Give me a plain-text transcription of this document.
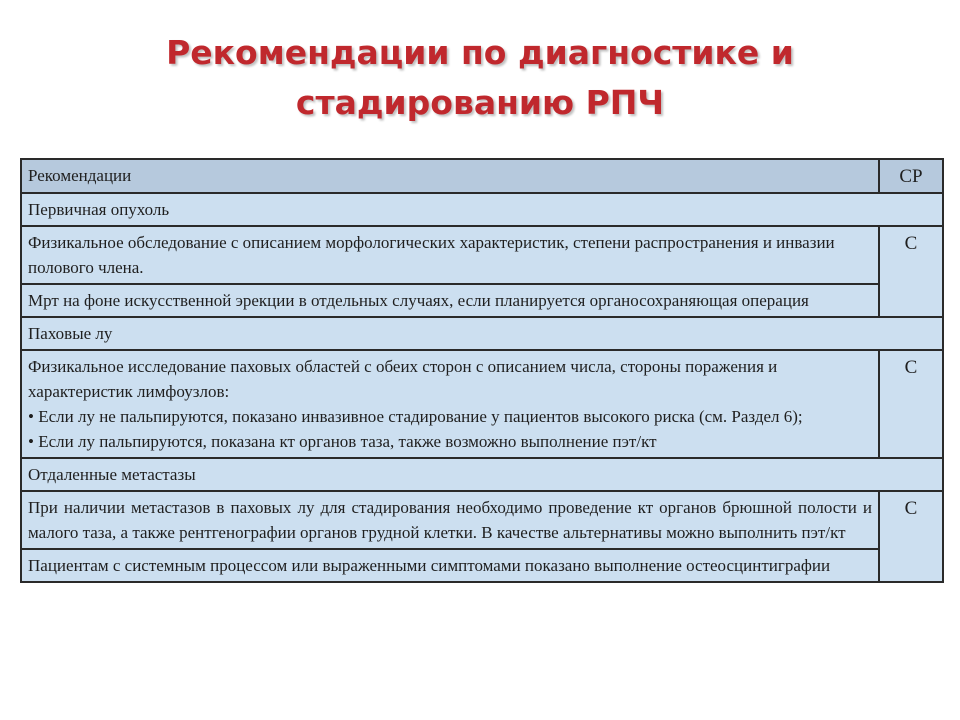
Рекомендации по диагностике и
стадированию РПЧ
Рекомендации	СР
Первичная опухоль	
Физикальное обследование с описанием морфологических характеристик, степени распространения и инвазии полового члена.	С
Мрт на фоне искусственной эрекции в отдельных случаях, если планируется органосохраняющая операция	
Паховые лу	

Физикальное исследование паховых областей с обеих сторон с описанием числа, стороны поражения и характеристик лимфоузлов:
• Если лу не пальпируются, показано инвазивное стадирование у пациентов высокого риска (см. Раздел 6);
• Если лу пальпируются, показана кт органов таза, также возможно выполнение пэт/кт	С
Отдаленные метастазы	
При наличии метастазов в паховых лу для стадирования необходимо проведение кт органов брюшной полости и малого таза, а также рентгенографии органов грудной клетки. В качестве альтернативы можно выполнить пэт/кт	С
Пациентам с системным процессом или выраженными симптомами показано выполнение остеосцинтиграфии	
